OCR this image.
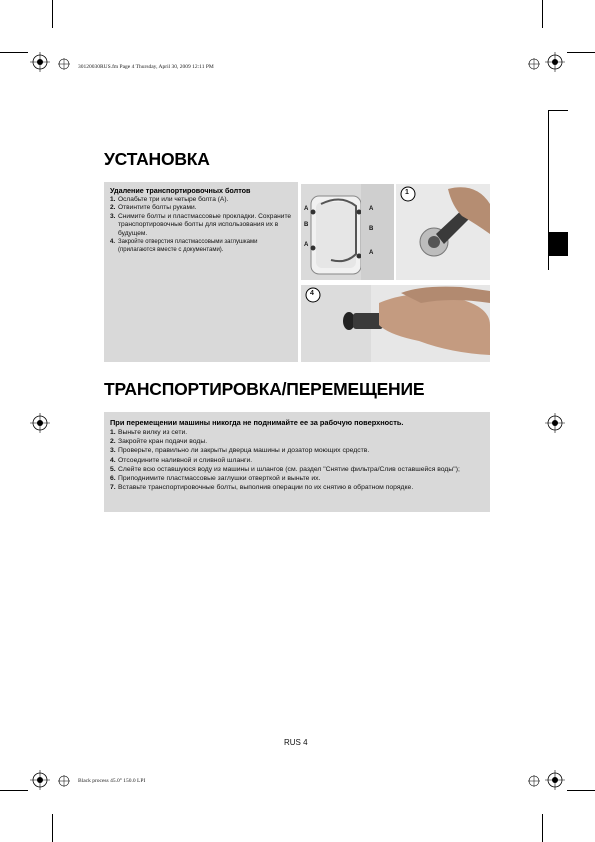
30120030RUS.fm Page 4 Thursday, April 30, 2009 12:11 PM
Black process 45.0° 150.0 LPI
УСТАНОВКА
Удаление транспортировочных болтов
1. Ослабьте три или четыре болта (A).
2. Отвинтите болты руками.
3. Снимите болты и пластмассовые прокладки. Сохраните транспортировочные болты для использования их в будущем.
4. Закройте отверстия пластмассовыми заглушками (прилагаются вместе с документами).
A
B
A
A
B
A
1
4
ТРАНСПОРТИРОВКА/ПЕРЕМЕЩЕНИЕ
При перемещении машины никогда не поднимайте ее за рабочую поверхность.
1. Выньте вилку из сети.
2. Закройте кран подачи воды.
3. Проверьте, правильно ли закрыты дверца машины и дозатор моющих средств.
4. Отсоедините наливной и сливной шланги.
5. Слейте всю оставшуюся воду из машины и шлангов (см. раздел "Снятие фильтра/Слив оставшейся воды");
6. Приподнимите пластмассовые заглушки отверткой и выньте их.
7. Вставьте транспортировочные болты, выполнив операции по их снятию в обратном порядке.
RUS 4
